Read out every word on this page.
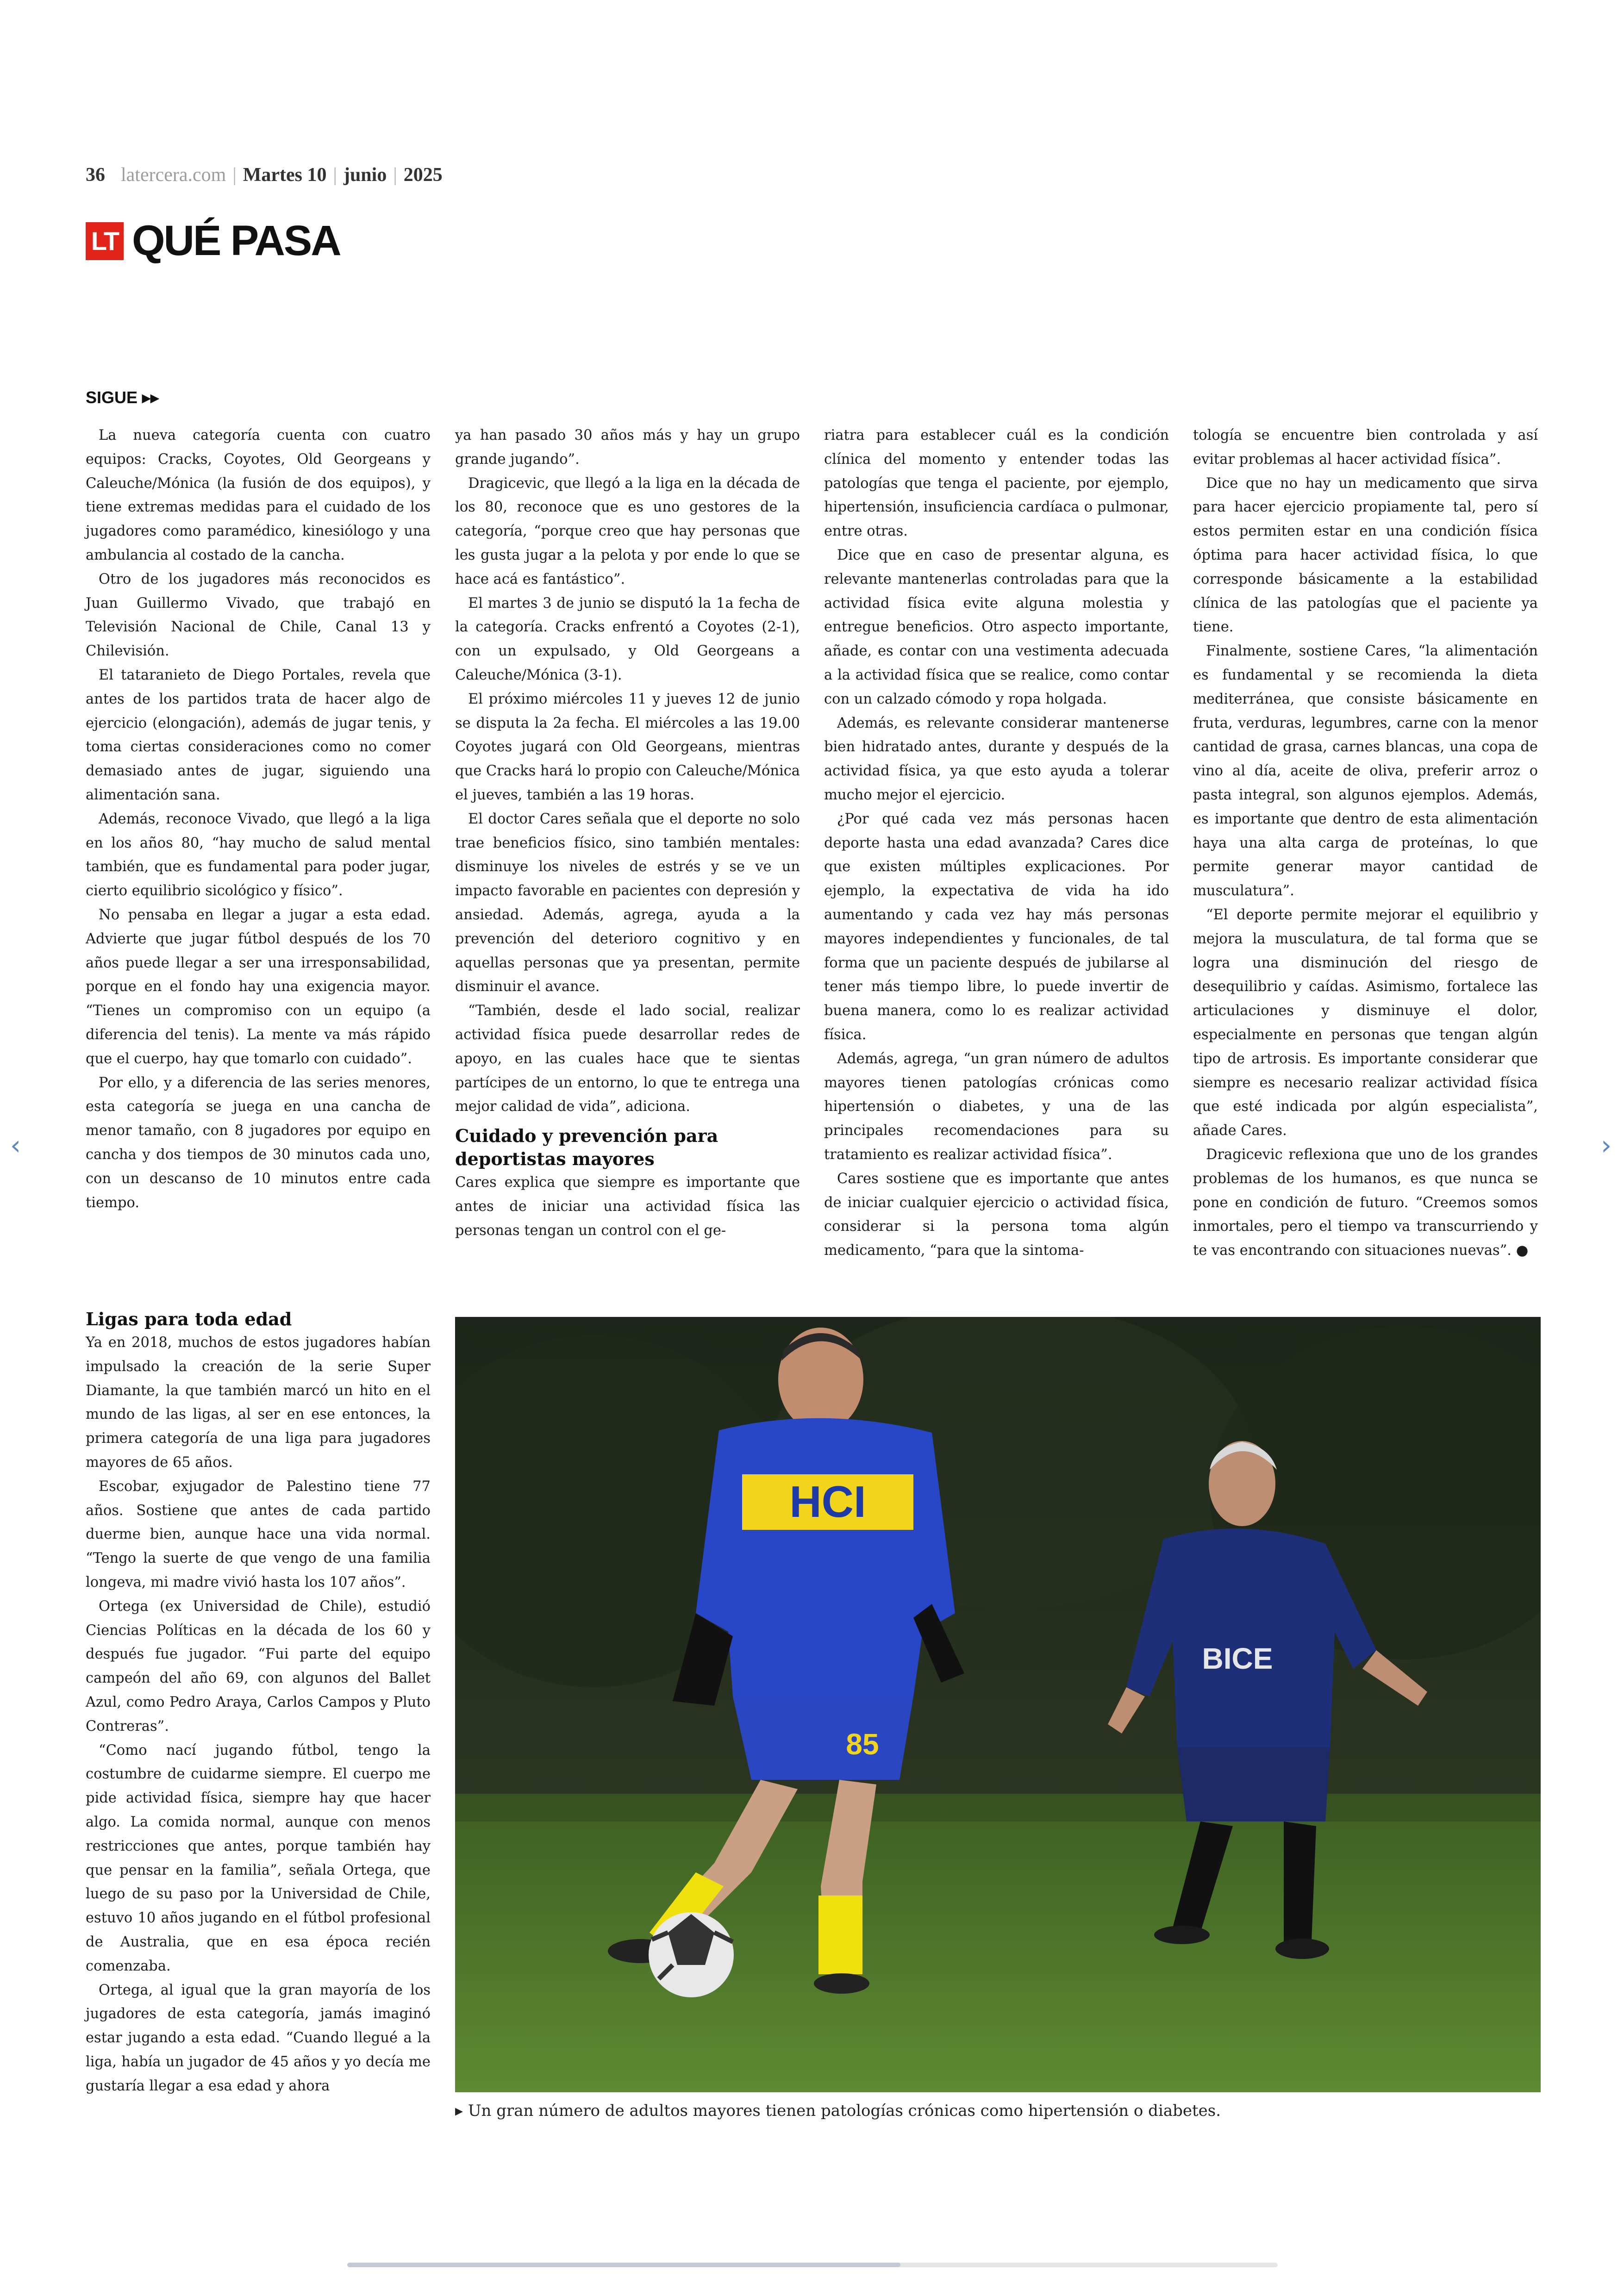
36 latercera.com | Martes 10 | junio | 2025
LT QUÉ PASA
SIGUE ▸▸

La nueva categoría cuenta con cuatro equipos: Cracks, Coyotes, Old Georgeans y Caleuche/Mónica (la fusión de dos equipos), y tiene extremas medidas para el cuidado de los jugadores como paramédico, kinesiólogo y una ambulancia al costado de la cancha.

Otro de los jugadores más reconocidos es Juan Guillermo Vivado, que trabajó en Televisión Nacional de Chile, Canal 13 y Chilevisión.

El tataranieto de Diego Portales, revela que antes de los partidos trata de hacer algo de ejercicio (elongación), además de jugar tenis, y toma ciertas consideraciones como no comer demasiado antes de jugar, siguiendo una alimentación sana.

Además, reconoce Vivado, que llegó a la liga en los años 80, “hay mucho de salud mental también, que es fundamental para poder jugar, cierto equilibrio sicológico y físico”.

No pensaba en llegar a jugar a esta edad. Advierte que jugar fútbol después de los 70 años puede llegar a ser una irresponsabilidad, porque en el fondo hay una exigencia mayor. “Tienes un compromiso con un equipo (a diferencia del tenis). La mente va más rápido que el cuerpo, hay que tomarlo con cuidado”.

Por ello, y a diferencia de las series menores, esta categoría se juega en una cancha de menor tamaño, con 8 jugadores por equipo en cancha y dos tiempos de 30 minutos cada uno, con un descanso de 10 minutos entre cada tiempo.

ya han pasado 30 años más y hay un grupo grande jugando”.

Dragicevic, que llegó a la liga en la década de los 80, reconoce que es uno gestores de la categoría, “porque creo que hay personas que les gusta jugar a la pelota y por ende lo que se hace acá es fantástico”.

El martes 3 de junio se disputó la 1a fecha de la categoría. Cracks enfrentó a Coyotes (2-1), con un expulsado, y Old Georgeans a Caleuche/Mónica (3-1).

El próximo miércoles 11 y jueves 12 de junio se disputa la 2a fecha. El miércoles a las 19.00 Coyotes jugará con Old Georgeans, mientras que Cracks hará lo propio con Caleuche/Mónica el jueves, también a las 19 horas.

El doctor Cares señala que el deporte no solo trae beneficios físico, sino también mentales: disminuye los niveles de estrés y se ve un impacto favorable en pacientes con depresión y ansiedad. Además, agrega, ayuda a la prevención del deterioro cognitivo y en aquellas personas que ya presentan, permite disminuir el avance.

“También, desde el lado social, realizar actividad física puede desarrollar redes de apoyo, en las cuales hace que te sientas partícipes de un entorno, lo que te entrega una mejor calidad de vida”, adiciona.

Cuidado y prevención para deportistas mayores

Cares explica que siempre es importante que antes de iniciar una actividad física las personas tengan un control con el ge-

riatra para establecer cuál es la condición clínica del momento y entender todas las patologías que tenga el paciente, por ejemplo, hipertensión, insuficiencia cardíaca o pulmonar, entre otras.

Dice que en caso de presentar alguna, es relevante mantenerlas controladas para que la actividad física evite alguna molestia y entregue beneficios. Otro aspecto importante, añade, es contar con una vestimenta adecuada a la actividad física que se realice, como contar con un calzado cómodo y ropa holgada.

Además, es relevante considerar mantenerse bien hidratado antes, durante y después de la actividad física, ya que esto ayuda a tolerar mucho mejor el ejercicio.

¿Por qué cada vez más personas hacen deporte hasta una edad avanzada? Cares dice que existen múltiples explicaciones. Por ejemplo, la expectativa de vida ha ido aumentando y cada vez hay más personas mayores independientes y funcionales, de tal forma que un paciente después de jubilarse al tener más tiempo libre, lo puede invertir de buena manera, como lo es realizar actividad física.

Además, agrega, “un gran número de adultos mayores tienen patologías crónicas como hipertensión o diabetes, y una de las principales recomendaciones para su tratamiento es realizar actividad física”.

Cares sostiene que es importante que antes de iniciar cualquier ejercicio o actividad física, considerar si la persona toma algún medicamento, “para que la sintoma-

tología se encuentre bien controlada y así evitar problemas al hacer actividad física”.

Dice que no hay un medicamento que sirva para hacer ejercicio propiamente tal, pero sí estos permiten estar en una condición física óptima para hacer actividad física, lo que corresponde básicamente a la estabilidad clínica de las patologías que el paciente ya tiene.

Finalmente, sostiene Cares, “la alimentación es fundamental y se recomienda la dieta mediterránea, que consiste básicamente en fruta, verduras, legumbres, carne con la menor cantidad de grasa, carnes blancas, una copa de vino al día, aceite de oliva, preferir arroz o pasta integral, son algunos ejemplos. Además, es importante que dentro de esta alimentación haya una alta carga de proteínas, lo que permite generar mayor cantidad de musculatura”.

“El deporte permite mejorar el equilibrio y mejora la musculatura, de tal forma que se logra una disminución del riesgo de desequilibrio y caídas. Asimismo, fortalece las articulaciones y disminuye el dolor, especialmente en personas que tengan algún tipo de artrosis. Es importante considerar que siempre es necesario realizar actividad física que esté indicada por algún especialista”, añade Cares.

Dragicevic reflexiona que uno de los grandes problemas de los humanos, es que nunca se pone en condición de futuro. “Creemos somos inmortales, pero el tiempo va transcurriendo y te vas encontrando con situaciones nuevas”. ●

Ligas para toda edad

Ya en 2018, muchos de estos jugadores habían impulsado la creación de la serie Super Diamante, la que también marcó un hito en el mundo de las ligas, al ser en ese entonces, la primera categoría de una liga para jugadores mayores de 65 años.

Escobar, exjugador de Palestino tiene 77 años. Sostiene que antes de cada partido duerme bien, aunque hace una vida normal. “Tengo la suerte de que vengo de una familia longeva, mi madre vivió hasta los 107 años”.

Ortega (ex Universidad de Chile), estudió Ciencias Políticas en la década de los 60 y después fue jugador. “Fui parte del equipo campeón del año 69, con algunos del Ballet Azul, como Pedro Araya, Carlos Campos y Pluto Contreras”.

“Como nací jugando fútbol, tengo la costumbre de cuidarme siempre. El cuerpo me pide actividad física, siempre hay que hacer algo. La comida normal, aunque con menos restricciones que antes, porque también hay que pensar en la familia”, señala Ortega, que luego de su paso por la Universidad de Chile, estuvo 10 años jugando en el fútbol profesional de Australia, que en esa época recién comenzaba.

Ortega, al igual que la gran mayoría de los jugadores de esta categoría, jamás imaginó estar jugando a esta edad. “Cuando llegué a la liga, había un jugador de 45 años y yo decía me gustaría llegar a esa edad y ahora

HCI
85
BICE
▸ Un gran número de adultos mayores tienen patologías crónicas como hipertensión o diabetes.
‹	›
